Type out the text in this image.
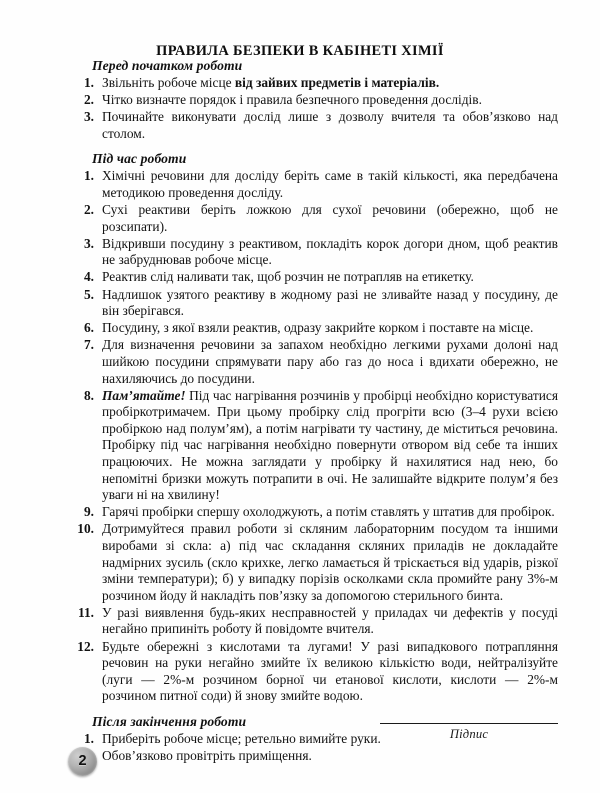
ПРАВИЛА БЕЗПЕКИ В КАБІНЕТІ ХІМІЇ
Перед початком роботи
1. Звільніть робоче місце від зайвих предметів і матеріалів.
2. Чітко визначте порядок і правила безпечного проведення дослідів.
3. Починайте виконувати дослід лише з дозволу вчителя та обов’язково над столом.
Під час роботи
1. Хімічні речовини для досліду беріть саме в такій кількості, яка передбачена методикою проведення досліду.
2. Сухі реактиви беріть ложкою для сухої речовини (обережно, щоб не розсипати).
3. Відкривши посудину з реактивом, покладіть корок догори дном, щоб реактив не забруднював робоче місце.
4. Реактив слід наливати так, щоб розчин не потрапляв на етикетку.
5. Надлишок узятого реактиву в жодному разі не зливайте назад у посудину, де він зберігався.
6. Посудину, з якої взяли реактив, одразу закрийте корком і поставте на місце.
7. Для визначення речовини за запахом необхідно легкими рухами долоні над шийкою посудини спрямувати пару або газ до носа і вдихати обережно, не нахиляючись до посудини.
8. Пам’ятайте! Під час нагрівання розчинів у пробірці необхідно користуватися пробіркотримачем. При цьому пробірку слід прогріти всю (3–4 рухи всією пробіркою над полум’ям), а потім нагрівати ту частину, де міститься речовина. Пробірку під час нагрівання необхідно повернути отвором від себе та інших працюючих. Не можна заглядати у пробірку й нахилятися над нею, бо непомітні бризки можуть потрапити в очі. Не залишайте відкрите полум’я без уваги ні на хвилину!
9. Гарячі пробірки спершу охолоджують, а потім ставлять у штатив для пробірок.
10. Дотримуйтеся правил роботи зі скляним лабораторним посудом та іншими виробами зі скла: а) під час складання скляних приладів не докладайте надмірних зусиль (скло крихке, легко ламається й тріскається від ударів, різкої зміни температури); б) у випадку порізів осколками скла промийте рану 3%-м розчином йоду й накладіть пов’язку за допомогою стерильного бинта.
11. У разі виявлення будь-яких несправностей у приладах чи дефектів у посуді негайно припиніть роботу й повідомте вчителя.
12. Будьте обережні з кислотами та лугами! У разі випадкового потрапляння речовин на руки негайно змийте їх великою кількістю води, нейтралізуйте (луги — 2%-м розчином борної чи етанової кислоти, кислоти — 2%-м розчином питної соди) й знову змийте водою.
Після закінчення роботи
1. Приберіть робоче місце; ретельно вимийте руки.
Обов’язково провітріть приміщення.
Підпис
2
